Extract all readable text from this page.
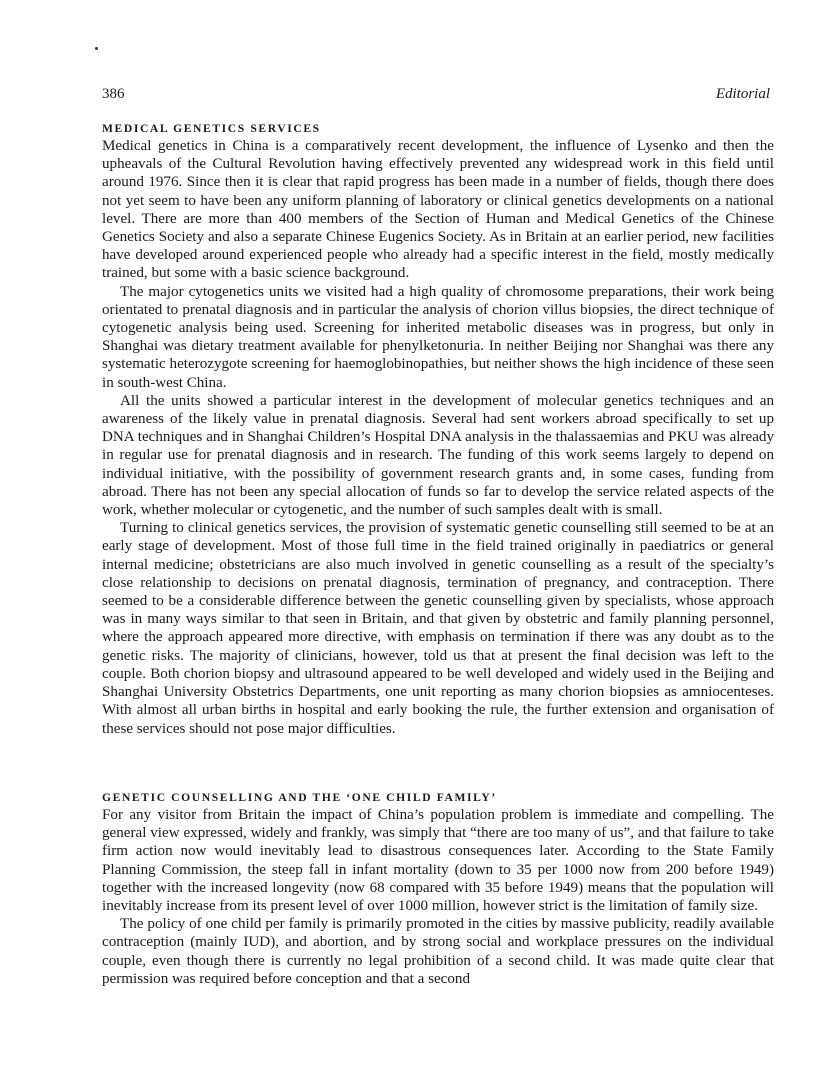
386	Editorial
MEDICAL GENETICS SERVICES

Medical genetics in China is a comparatively recent development, the influence of Lysenko and then the upheavals of the Cultural Revolution having effectively prevented any widespread work in this field until around 1976. Since then it is clear that rapid progress has been made in a number of fields, though there does not yet seem to have been any uniform planning of laboratory or clinical genetics developments on a national level. There are more than 400 members of the Section of Human and Medical Genetics of the Chinese Genetics Society and also a separate Chinese Eugenics Society. As in Britain at an earlier period, new facilities have developed around experienced people who already had a specific interest in the field, mostly medically trained, but some with a basic science background.

The major cytogenetics units we visited had a high quality of chromosome preparations, their work being orientated to prenatal diagnosis and in particular the analysis of chorion villus biopsies, the direct technique of cytogenetic analysis being used. Screening for inherited metabolic diseases was in progress, but only in Shanghai was dietary treatment available for phenylketonuria. In neither Beijing nor Shanghai was there any systematic heterozygote screening for haemoglobinopathies, but neither shows the high incidence of these seen in south-west China.

All the units showed a particular interest in the development of molecular genetics techniques and an awareness of the likely value in prenatal diagnosis. Several had sent workers abroad specifically to set up DNA techniques and in Shanghai Children’s Hospital DNA analysis in the thalassaemias and PKU was already in regular use for prenatal diagnosis and in research. The funding of this work seems largely to depend on individual initiative, with the possibility of government research grants and, in some cases, funding from abroad. There has not been any special allocation of funds so far to develop the service related aspects of the work, whether molecular or cytogenetic, and the number of such samples dealt with is small.

Turning to clinical genetics services, the provision of systematic genetic counselling still seemed to be at an early stage of development. Most of those full time in the field trained originally in paediatrics or general internal medicine; obstetricians are also much involved in genetic counselling as a result of the specialty’s close relationship to decisions on prenatal diagnosis, termination of pregnancy, and contraception. There seemed to be a considerable difference between the genetic counselling given by specialists, whose approach was in many ways similar to that seen in Britain, and that given by obstetric and family planning personnel, where the approach appeared more directive, with emphasis on termination if there was any doubt as to the genetic risks. The majority of clinicians, however, told us that at present the final decision was left to the couple. Both chorion biopsy and ultrasound appeared to be well developed and widely used in the Beijing and Shanghai University Obstetrics Departments, one unit reporting as many chorion biopsies as amniocenteses. With almost all urban births in hospital and early booking the rule, the further extension and organisation of these services should not pose major difficulties.

GENETIC COUNSELLING AND THE ‘ONE CHILD FAMILY’

For any visitor from Britain the impact of China’s population problem is immediate and compelling. The general view expressed, widely and frankly, was simply that “there are too many of us”, and that failure to take firm action now would inevitably lead to disastrous consequences later. According to the State Family Planning Commission, the steep fall in infant mortality (down to 35 per 1000 now from 200 before 1949) together with the increased longevity (now 68 compared with 35 before 1949) means that the population will inevitably increase from its present level of over 1000 million, however strict is the limitation of family size.

The policy of one child per family is primarily promoted in the cities by massive publicity, readily available contraception (mainly IUD), and abortion, and by strong social and workplace pressures on the individual couple, even though there is currently no legal prohibition of a second child. It was made quite clear that permission was required before conception and that a second
